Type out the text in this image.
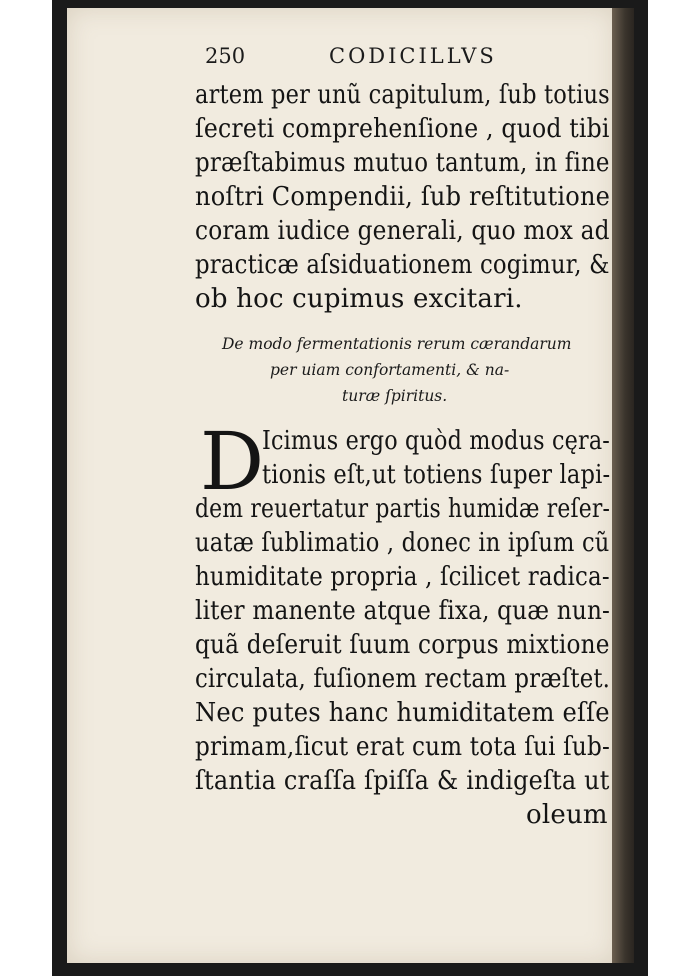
250	CODICILLVS
artem per unũ capitulum, ſub totius
ſecreti comprehenſione , quod tibi
præſtabimus mutuo tantum, in fine
noſtri Compendii, ſub reſtitutione
coram iudice generali, quo mox ad
practicæ aſsiduationem cogimur, &
ob hoc cupimus excitari.
De modo fermentationis rerum cærandarum
per uiam confortamenti, & na-
turæ ſpiritus.
D
Icimus ergo quòd modus cęra-
tionis eſt,ut totiens ſuper lapi-
dem reuertatur partis humidæ reſer-
uatæ ſublimatio , donec in ipſum cũ
humiditate propria , ſcilicet radica-
liter manente atque fixa, quæ nun-
quã deſeruit ſuum corpus mixtione
circulata, fuſionem rectam præſtet.
Nec putes hanc humiditatem eſſe
primam,ſicut erat cum tota ſui ſub-
ſtantia craſſa ſpiſſa & indigeſta ut
oleum
